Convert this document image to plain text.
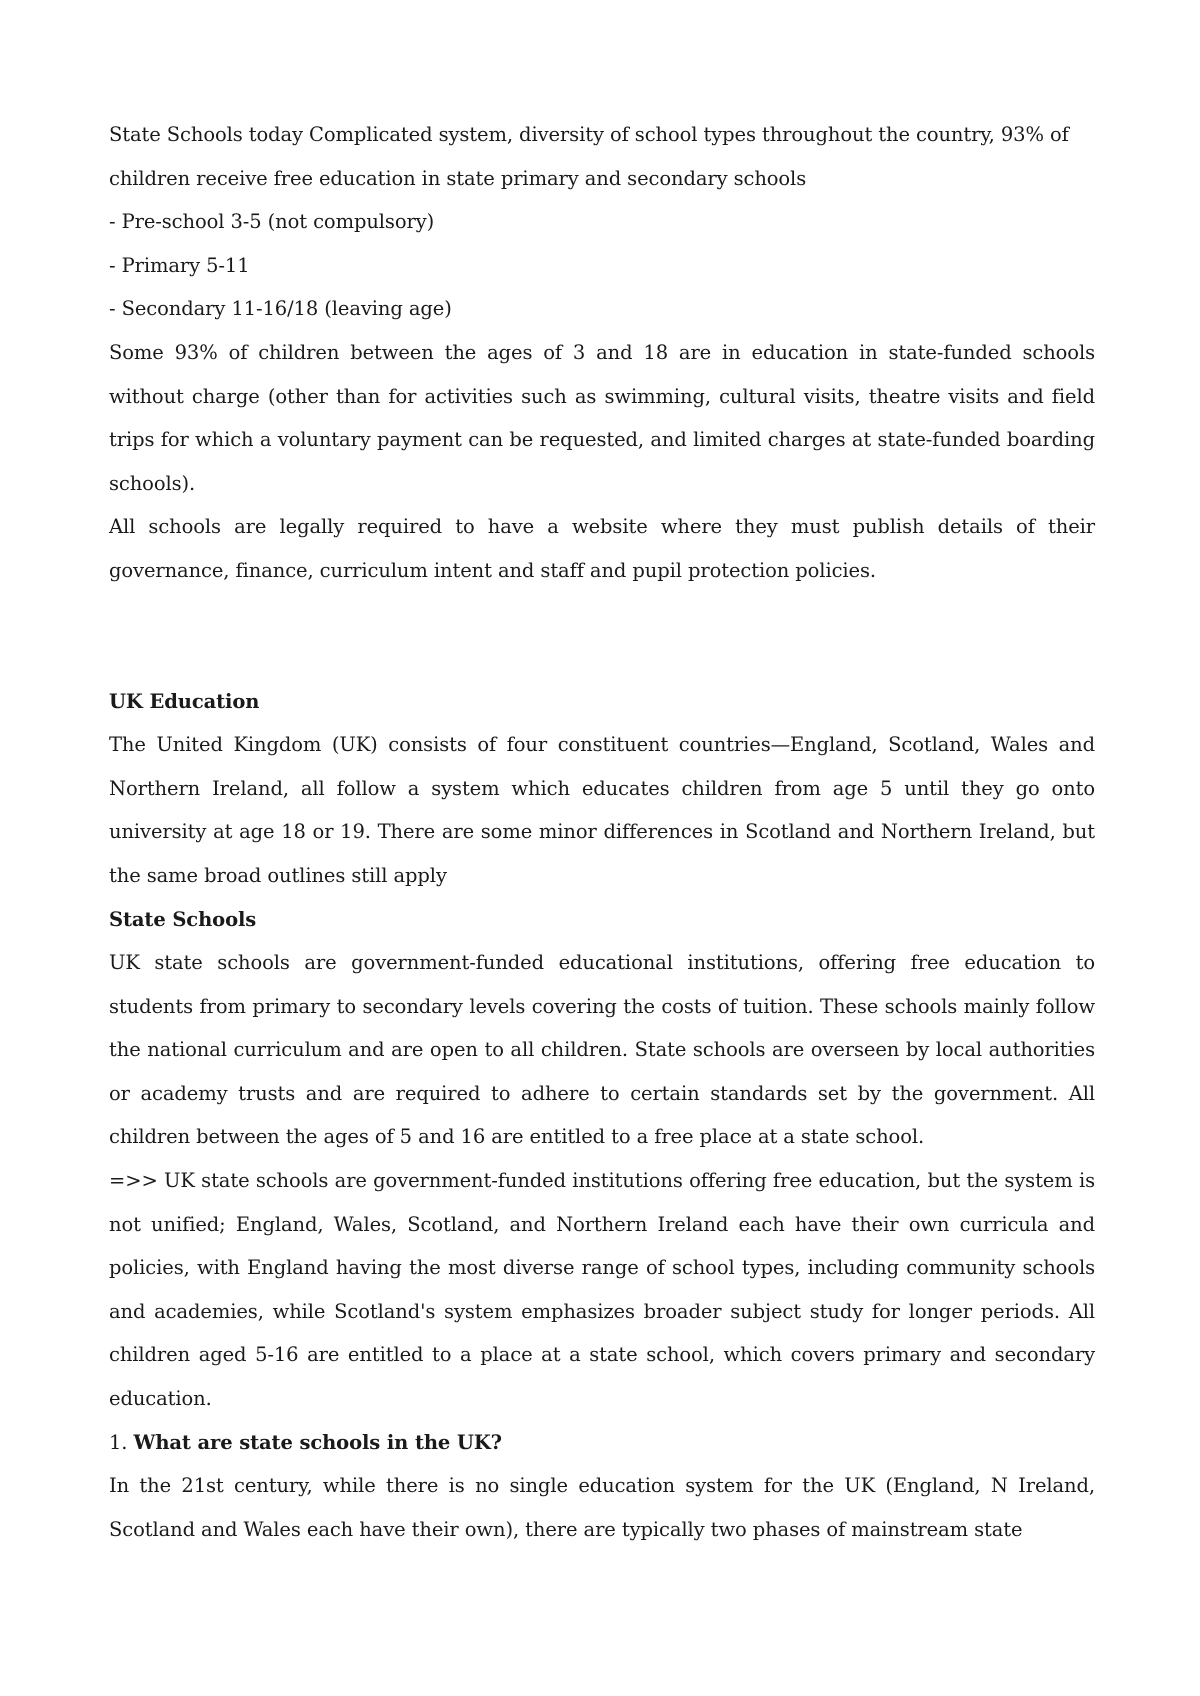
State Schools today Complicated system, diversity of school types throughout the country, 93% of children receive free education in state primary and secondary schools

- Pre-school 3-5 (not compulsory)

- Primary 5-11

- Secondary 11-16/18 (leaving age)

Some 93% of children between the ages of 3 and 18 are in education in state-funded schools without charge (other than for activities such as swimming, cultural visits, theatre visits and field trips for which a voluntary payment can be requested, and limited charges at state-funded boarding schools).

All schools are legally required to have a website where they must publish details of their governance, finance, curriculum intent and staff and pupil protection policies.

UK Education

The United Kingdom (UK) consists of four constituent countries—England, Scotland, Wales and Northern Ireland, all follow a system which educates children from age 5 until they go onto university at age 18 or 19. There are some minor differences in Scotland and Northern Ireland, but the same broad outlines still apply

State Schools

UK state schools are government-funded educational institutions, offering free education to students from primary to secondary levels covering the costs of tuition. These schools mainly follow the national curriculum and are open to all children. State schools are overseen by local authorities or academy trusts and are required to adhere to certain standards set by the government. All children between the ages of 5 and 16 are entitled to a free place at a state school.

=>> UK state schools are government-funded institutions offering free education, but the system is not unified; England, Wales, Scotland, and Northern Ireland each have their own curricula and policies, with England having the most diverse range of school types, including community schools and academies, while Scotland's system emphasizes broader subject study for longer periods. All children aged 5-16 are entitled to a place at a state school, which covers primary and secondary education.

1. What are state schools in the UK?

In the 21st century, while there is no single education system for the UK (England, N Ireland, Scotland and Wales each have their own), there are typically two phases of mainstream state
